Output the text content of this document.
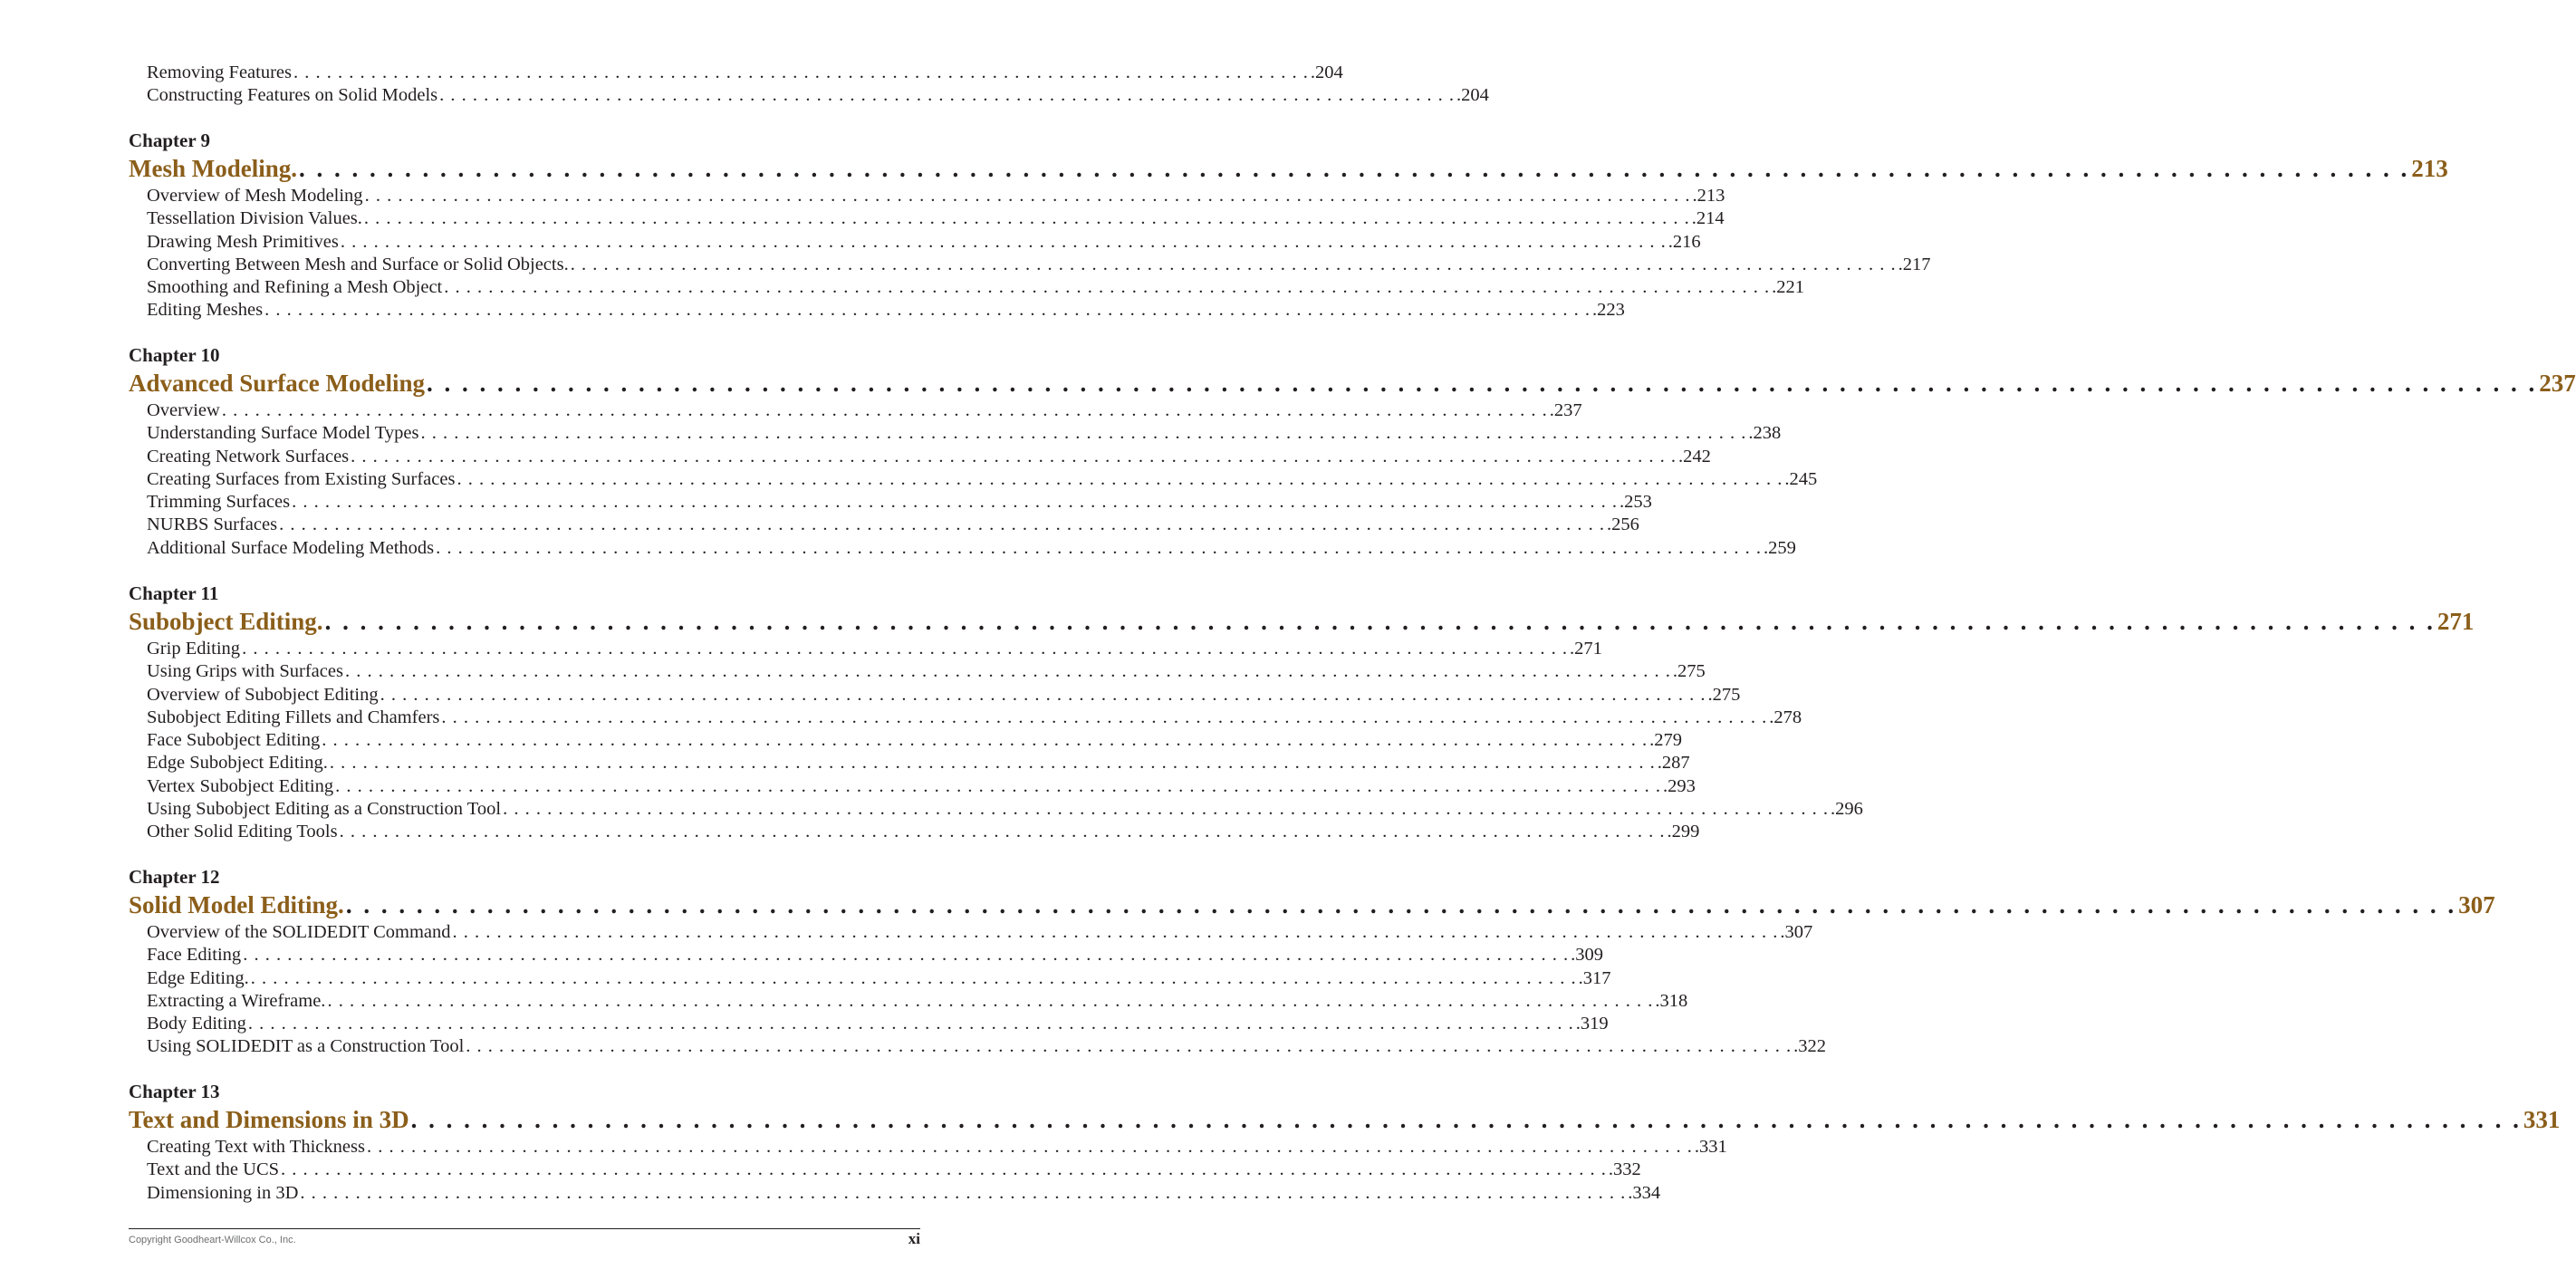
Removing Features . . . . . . . . . . . . . . . . . . . . . . . . . . . . . . . . . . . . . . . . . . . . . . . . . . . . . . . . . . . . . . . . . . . . . . . . . . . . . . . . . . . . . . . . . . . . .204
Constructing Features on Solid Models . . . . . . . . . . . . . . . . . . . . . . . . . . . . . . . . . . . . . . . . . . . . . . . . . . . . . . . . . . . . . . . . . . . . . . . . . . . . . . . . . . . . . . . . . . . . .204
Chapter 9
Mesh Modeling. . . . . . . . . . . . . . . . . . . . . . . . . . . . . . . . . . . . . . . . . . . . . . . . . . . . . . . . . . . . . . . . . . . . . . . . . . . . . . . . . . . . . . . . . . . . . . . . . . . . . . . . . . . . . . . . . . . . . . . . . 213
Overview of Mesh Modeling . . . . . . . . . . . . . . . . . . . . . . . . . . . . . . . . . . . . . . . . . . . . . . . . . . . . . . . . . . . . . . . . . . . . . . . . . . . . . . . . . . . . . . . . . . . . . . . . . . . . . . . . . . . . . . . . . . . . . . . . .213
Tessellation Division Values. . . . . . . . . . . . . . . . . . . . . . . . . . . . . . . . . . . . . . . . . . . . . . . . . . . . . . . . . . . . . . . . . . . . . . . . . . . . . . . . . . . . . . . . . . . . . . . . . . . . . . . . . . . . . . . . . . . . . . . . . .214
Drawing Mesh Primitives . . . . . . . . . . . . . . . . . . . . . . . . . . . . . . . . . . . . . . . . . . . . . . . . . . . . . . . . . . . . . . . . . . . . . . . . . . . . . . . . . . . . . . . . . . . . . . . . . . . . . . . . . . . . . . . . . . . . . . . . .216
Converting Between Mesh and Surface or Solid Objects. . . . . . . . . . . . . . . . . . . . . . . . . . . . . . . . . . . . . . . . . . . . . . . . . . . . . . . . . . . . . . . . . . . . . . . . . . . . . . . . . . . . . . . . . . . . . . . . . . . . . . . . . . . . . . . . . . . . . . . . . .217
Smoothing and Refining a Mesh Object . . . . . . . . . . . . . . . . . . . . . . . . . . . . . . . . . . . . . . . . . . . . . . . . . . . . . . . . . . . . . . . . . . . . . . . . . . . . . . . . . . . . . . . . . . . . . . . . . . . . . . . . . . . . . . . . . . . . . . . . .221
Editing Meshes . . . . . . . . . . . . . . . . . . . . . . . . . . . . . . . . . . . . . . . . . . . . . . . . . . . . . . . . . . . . . . . . . . . . . . . . . . . . . . . . . . . . . . . . . . . . . . . . . . . . . . . . . . . . . . . . . . . . . . . . .223
Chapter 10
Advanced Surface Modeling . . . . . . . . . . . . . . . . . . . . . . . . . . . . . . . . . . . . . . . . . . . . . . . . . . . . . . . . . . . . . . . . . . . . . . . . . . . . . . . . . . . . . . . . . . . . . . . . . . . . . . . . . . . . . . . . . . . . . . . . 237
Overview . . . . . . . . . . . . . . . . . . . . . . . . . . . . . . . . . . . . . . . . . . . . . . . . . . . . . . . . . . . . . . . . . . . . . . . . . . . . . . . . . . . . . . . . . . . . . . . . . . . . . . . . . . . . . . . . . . . . . . . . .237
Understanding Surface Model Types . . . . . . . . . . . . . . . . . . . . . . . . . . . . . . . . . . . . . . . . . . . . . . . . . . . . . . . . . . . . . . . . . . . . . . . . . . . . . . . . . . . . . . . . . . . . . . . . . . . . . . . . . . . . . . . . . . . . . . . . .238
Creating Network Surfaces . . . . . . . . . . . . . . . . . . . . . . . . . . . . . . . . . . . . . . . . . . . . . . . . . . . . . . . . . . . . . . . . . . . . . . . . . . . . . . . . . . . . . . . . . . . . . . . . . . . . . . . . . . . . . . . . . . . . . . . . .242
Creating Surfaces from Existing Surfaces . . . . . . . . . . . . . . . . . . . . . . . . . . . . . . . . . . . . . . . . . . . . . . . . . . . . . . . . . . . . . . . . . . . . . . . . . . . . . . . . . . . . . . . . . . . . . . . . . . . . . . . . . . . . . . . . . . . . . . . . .245
Trimming Surfaces . . . . . . . . . . . . . . . . . . . . . . . . . . . . . . . . . . . . . . . . . . . . . . . . . . . . . . . . . . . . . . . . . . . . . . . . . . . . . . . . . . . . . . . . . . . . . . . . . . . . . . . . . . . . . . . . . . . . . . . . .253
NURBS Surfaces . . . . . . . . . . . . . . . . . . . . . . . . . . . . . . . . . . . . . . . . . . . . . . . . . . . . . . . . . . . . . . . . . . . . . . . . . . . . . . . . . . . . . . . . . . . . . . . . . . . . . . . . . . . . . . . . . . . . . . . . .256
Additional Surface Modeling Methods . . . . . . . . . . . . . . . . . . . . . . . . . . . . . . . . . . . . . . . . . . . . . . . . . . . . . . . . . . . . . . . . . . . . . . . . . . . . . . . . . . . . . . . . . . . . . . . . . . . . . . . . . . . . . . . . . . . . . . . . .259
Chapter 11
Subobject Editing. . . . . . . . . . . . . . . . . . . . . . . . . . . . . . . . . . . . . . . . . . . . . . . . . . . . . . . . . . . . . . . . . . . . . . . . . . . . . . . . . . . . . . . . . . . . . . . . . . . . . . . . . . . . . . . . . . . . . . . . . 271
Grip Editing . . . . . . . . . . . . . . . . . . . . . . . . . . . . . . . . . . . . . . . . . . . . . . . . . . . . . . . . . . . . . . . . . . . . . . . . . . . . . . . . . . . . . . . . . . . . . . . . . . . . . . . . . . . . . . . . . . . . . . . . .271
Using Grips with Surfaces . . . . . . . . . . . . . . . . . . . . . . . . . . . . . . . . . . . . . . . . . . . . . . . . . . . . . . . . . . . . . . . . . . . . . . . . . . . . . . . . . . . . . . . . . . . . . . . . . . . . . . . . . . . . . . . . . . . . . . . . .275
Overview of Subobject Editing . . . . . . . . . . . . . . . . . . . . . . . . . . . . . . . . . . . . . . . . . . . . . . . . . . . . . . . . . . . . . . . . . . . . . . . . . . . . . . . . . . . . . . . . . . . . . . . . . . . . . . . . . . . . . . . . . . . . . . . . .275
Subobject Editing Fillets and Chamfers . . . . . . . . . . . . . . . . . . . . . . . . . . . . . . . . . . . . . . . . . . . . . . . . . . . . . . . . . . . . . . . . . . . . . . . . . . . . . . . . . . . . . . . . . . . . . . . . . . . . . . . . . . . . . . . . . . . . . . . . .278
Face Subobject Editing . . . . . . . . . . . . . . . . . . . . . . . . . . . . . . . . . . . . . . . . . . . . . . . . . . . . . . . . . . . . . . . . . . . . . . . . . . . . . . . . . . . . . . . . . . . . . . . . . . . . . . . . . . . . . . . . . . . . . . . . .279
Edge Subobject Editing. . . . . . . . . . . . . . . . . . . . . . . . . . . . . . . . . . . . . . . . . . . . . . . . . . . . . . . . . . . . . . . . . . . . . . . . . . . . . . . . . . . . . . . . . . . . . . . . . . . . . . . . . . . . . . . . . . . . . . . . . .287
Vertex Subobject Editing . . . . . . . . . . . . . . . . . . . . . . . . . . . . . . . . . . . . . . . . . . . . . . . . . . . . . . . . . . . . . . . . . . . . . . . . . . . . . . . . . . . . . . . . . . . . . . . . . . . . . . . . . . . . . . . . . . . . . . . . .293
Using Subobject Editing as a Construction Tool . . . . . . . . . . . . . . . . . . . . . . . . . . . . . . . . . . . . . . . . . . . . . . . . . . . . . . . . . . . . . . . . . . . . . . . . . . . . . . . . . . . . . . . . . . . . . . . . . . . . . . . . . . . . . . . . . . . . . . . . .296
Other Solid Editing Tools . . . . . . . . . . . . . . . . . . . . . . . . . . . . . . . . . . . . . . . . . . . . . . . . . . . . . . . . . . . . . . . . . . . . . . . . . . . . . . . . . . . . . . . . . . . . . . . . . . . . . . . . . . . . . . . . . . . . . . . . .299
Chapter 12
Solid Model Editing. . . . . . . . . . . . . . . . . . . . . . . . . . . . . . . . . . . . . . . . . . . . . . . . . . . . . . . . . . . . . . . . . . . . . . . . . . . . . . . . . . . . . . . . . . . . . . . . . . . . . . . . . . . . . . . . . . . . . . . . . 307
Overview of the SOLIDEDIT Command . . . . . . . . . . . . . . . . . . . . . . . . . . . . . . . . . . . . . . . . . . . . . . . . . . . . . . . . . . . . . . . . . . . . . . . . . . . . . . . . . . . . . . . . . . . . . . . . . . . . . . . . . . . . . . . . . . . . . . . . .307
Face Editing . . . . . . . . . . . . . . . . . . . . . . . . . . . . . . . . . . . . . . . . . . . . . . . . . . . . . . . . . . . . . . . . . . . . . . . . . . . . . . . . . . . . . . . . . . . . . . . . . . . . . . . . . . . . . . . . . . . . . . . . .309
Edge Editing. . . . . . . . . . . . . . . . . . . . . . . . . . . . . . . . . . . . . . . . . . . . . . . . . . . . . . . . . . . . . . . . . . . . . . . . . . . . . . . . . . . . . . . . . . . . . . . . . . . . . . . . . . . . . . . . . . . . . . . . . .317
Extracting a Wireframe. . . . . . . . . . . . . . . . . . . . . . . . . . . . . . . . . . . . . . . . . . . . . . . . . . . . . . . . . . . . . . . . . . . . . . . . . . . . . . . . . . . . . . . . . . . . . . . . . . . . . . . . . . . . . . . . . . . . . . . . . .318
Body Editing . . . . . . . . . . . . . . . . . . . . . . . . . . . . . . . . . . . . . . . . . . . . . . . . . . . . . . . . . . . . . . . . . . . . . . . . . . . . . . . . . . . . . . . . . . . . . . . . . . . . . . . . . . . . . . . . . . . . . . . . .319
Using SOLIDEDIT as a Construction Tool . . . . . . . . . . . . . . . . . . . . . . . . . . . . . . . . . . . . . . . . . . . . . . . . . . . . . . . . . . . . . . . . . . . . . . . . . . . . . . . . . . . . . . . . . . . . . . . . . . . . . . . . . . . . . . . . . . . . . . . . .322
Chapter 13
Text and Dimensions in 3D . . . . . . . . . . . . . . . . . . . . . . . . . . . . . . . . . . . . . . . . . . . . . . . . . . . . . . . . . . . . . . . . . . . . . . . . . . . . . . . . . . . . . . . . . . . . . . . . . . . . . . . . . . . . . . . . . . . . . . . . 331
Creating Text with Thickness . . . . . . . . . . . . . . . . . . . . . . . . . . . . . . . . . . . . . . . . . . . . . . . . . . . . . . . . . . . . . . . . . . . . . . . . . . . . . . . . . . . . . . . . . . . . . . . . . . . . . . . . . . . . . . . . . . . . . . . . .331
Text and the UCS . . . . . . . . . . . . . . . . . . . . . . . . . . . . . . . . . . . . . . . . . . . . . . . . . . . . . . . . . . . . . . . . . . . . . . . . . . . . . . . . . . . . . . . . . . . . . . . . . . . . . . . . . . . . . . . . . . . . . . . . .332
Dimensioning in 3D . . . . . . . . . . . . . . . . . . . . . . . . . . . . . . . . . . . . . . . . . . . . . . . . . . . . . . . . . . . . . . . . . . . . . . . . . . . . . . . . . . . . . . . . . . . . . . . . . . . . . . . . . . . . . . . . . . . . . . . . .334
Copyright Goodheart-Willcox Co., Inc.	xi
